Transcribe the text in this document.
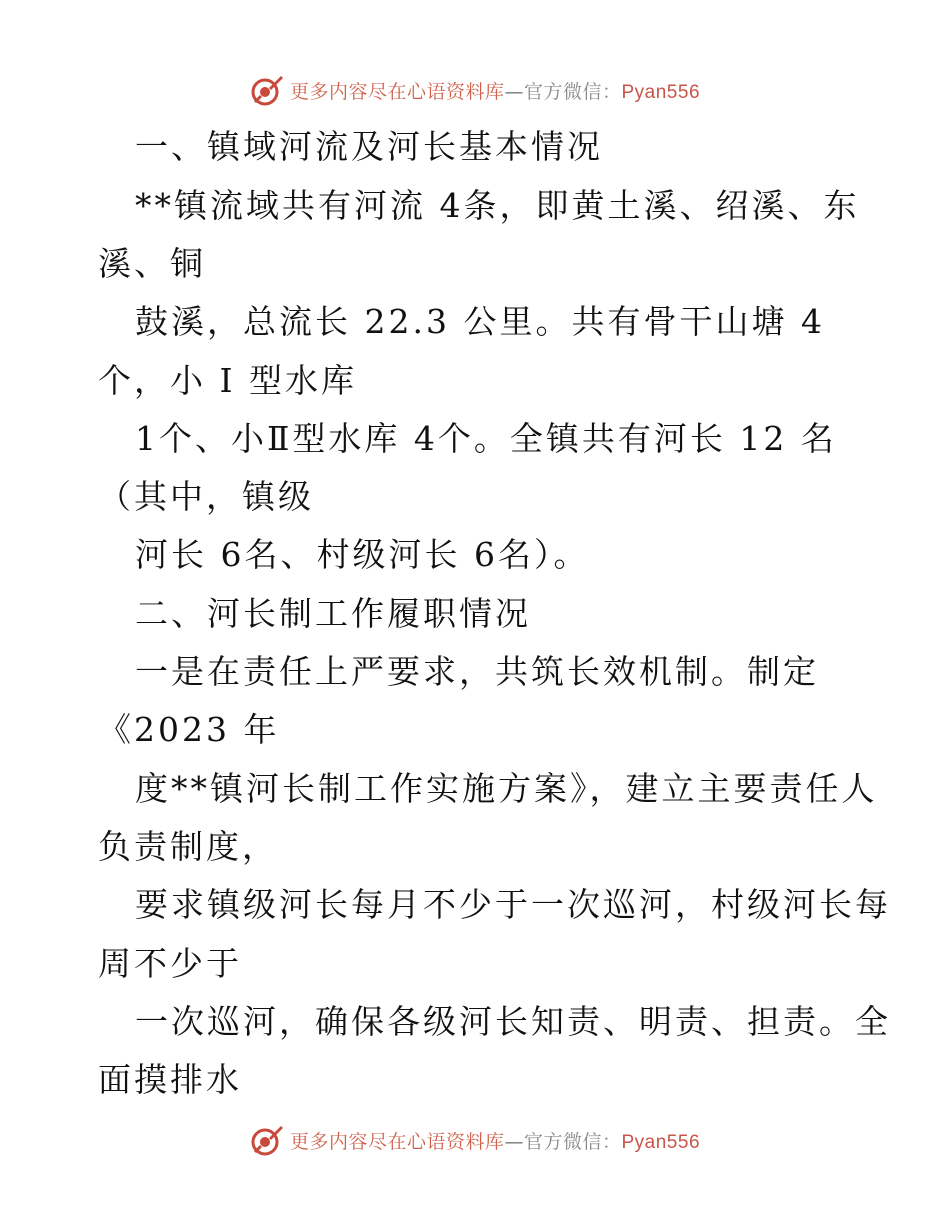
更多内容尽在心语资料库—官方微信：Pyan556
一、镇域河流及河长基本情况
**镇流域共有河流 4条，即黄土溪、绍溪、东
溪、铜
鼓溪，总流长 22.3 公里。共有骨干山塘 4
个，小 I 型水库
1个、小Ⅱ型水库 4个。全镇共有河长 12 名
（其中，镇级
河长 6名、村级河长 6名）。
二、河长制工作履职情况
一是在责任上严要求，共筑长效机制。制定
《2023 年
度**镇河长制工作实施方案》，建立主要责任人
负责制度，
要求镇级河长每月不少于一次巡河，村级河长每
周不少于
一次巡河，确保各级河长知责、明责、担责。全
面摸排水
更多内容尽在心语资料库—官方微信：Pyan556
